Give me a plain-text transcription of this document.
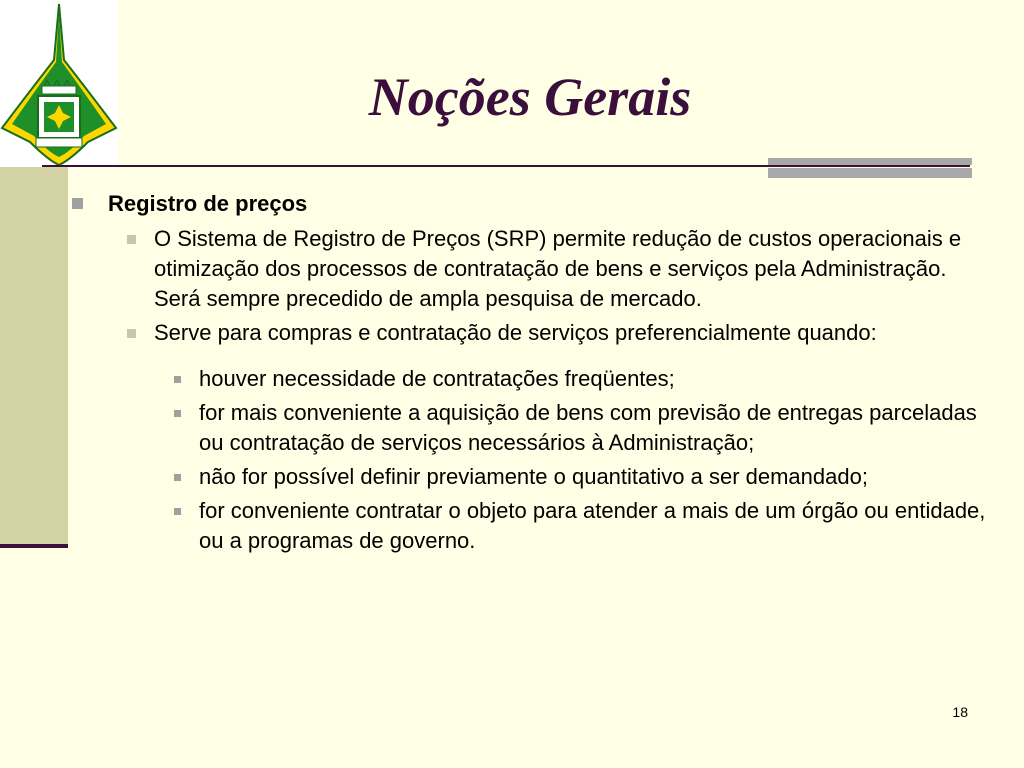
Noções Gerais
Registro de preços
O Sistema de Registro de Preços (SRP) permite redução de custos operacionais e otimização dos processos de contratação de bens e serviços pela Administração. Será sempre precedido de ampla pesquisa de mercado.
Serve para compras e contratação de serviços preferencialmente quando:
houver necessidade de contratações freqüentes;
for mais conveniente a aquisição de bens com previsão de entregas parceladas ou contratação de serviços necessários à Administração;
não for possível definir previamente o quantitativo a ser demandado;
for conveniente contratar o objeto para atender a mais de um órgão ou entidade, ou a programas de governo.
18
